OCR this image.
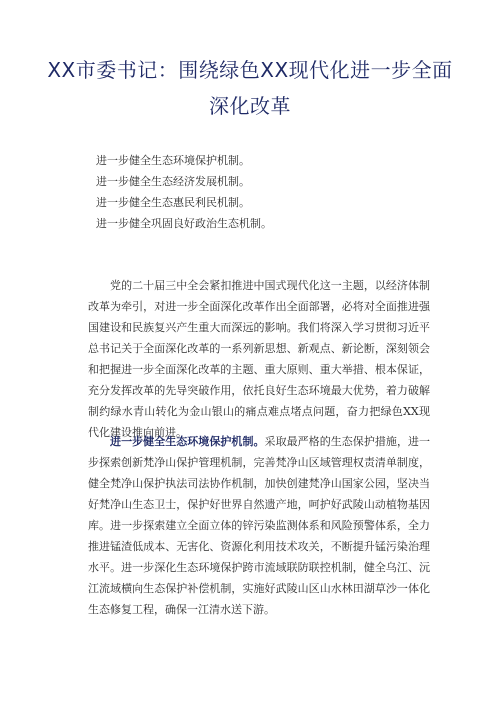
XX市委书记：围绕绿色XX现代化进一步全面深化改革
进一步健全生态环境保护机制。
进一步健全生态经济发展机制。
进一步健全生态惠民利民机制。
进一步健全巩固良好政治生态机制。

党的二十届三中全会紧扣推进中国式现代化这一主题，以经济体制改革为牵引，对进一步全面深化改革作出全面部署，必将对全面推进强国建设和民族复兴产生重大而深远的影响。我们将深入学习贯彻习近平总书记关于全面深化改革的一系列新思想、新观点、新论断，深刻领会和把握进一步全面深化改革的主题、重大原则、重大举措、根本保证，充分发挥改革的先导突破作用，依托良好生态环境最大优势，着力破解制约绿水青山转化为金山银山的痛点难点堵点问题，奋力把绿色XX现代化建设推向前进。

进一步健全生态环境保护机制。采取最严格的生态保护措施，进一步探索创新梵净山保护管理机制，完善梵净山区域管理权责清单制度，健全梵净山保护执法司法协作机制，加快创建梵净山国家公园，坚决当好梵净山生态卫士，保护好世界自然遗产地，呵护好武陵山动植物基因库。进一步探索建立全面立体的锌污染监测体系和风险预警体系，全力推进锰渣低成本、无害化、资源化利用技术攻关，不断提升锰污染治理水平。进一步深化生态环境保护跨市流域联防联控机制，健全乌江、沅江流域横向生态保护补偿机制，实施好武陵山区山水林田湖草沙一体化生态修复工程，确保一江清水送下游。
